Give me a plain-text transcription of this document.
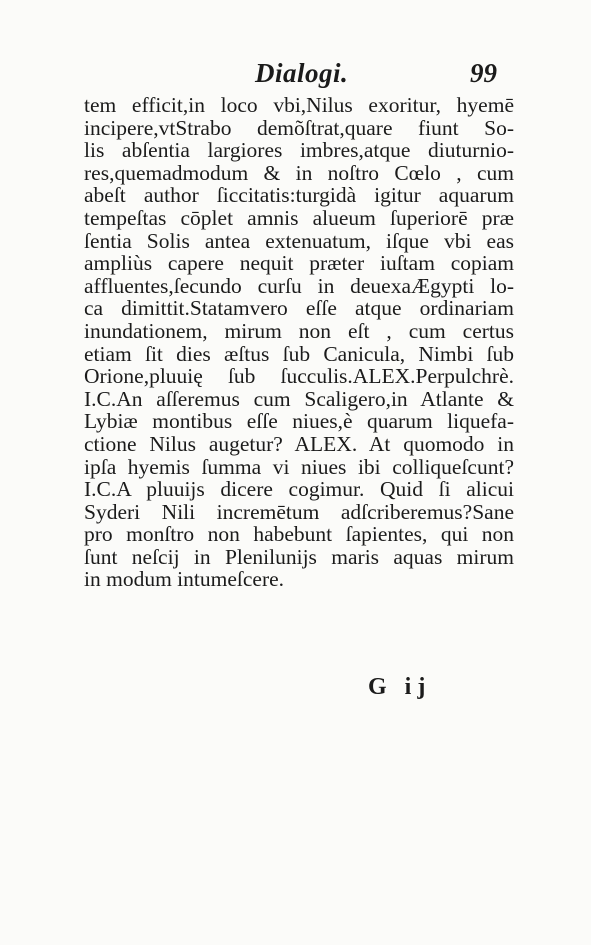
Dialogi.	99
tem efficit,in loco vbi,Nilus exoritur, hyemē
incipere,vtStrabo demõſtrat,quare fiunt So-
lis abſentia largiores imbres,atque diuturnio-
res,quemadmodum & in noſtro Cœlo , cum
abeſt author ſiccitatis:turgidà igitur aquarum
tempeſtas cōplet amnis alueum ſuperiorē præ
ſentia Solis antea extenuatum, iſque vbi eas
ampliùs capere nequit præter iuſtam copiam
affluentes,ſecundo curſu in deuexaÆgypti lo-
ca dimittit.Statamvero eſſe atque ordinariam
inundationem, mirum non eſt , cum certus
etiam ſit dies æſtus ſub Canicula, Nimbi ſub
Orione,pluuię ſub ſucculis.ALEX.Perpulchrè.
I.C.An aſſeremus cum Scaligero,in Atlante &
Lybiæ montibus eſſe niues,è quarum liquefa-
ctione Nilus augetur? ALEX. At quomodo in
ipſa hyemis ſumma vi niues ibi colliqueſcunt?
I.C.A pluuijs dicere cogimur. Quid ſi alicui
Syderi Nili incremētum adſcriberemus?Sane
pro monſtro non habebunt ſapientes, qui non
ſunt neſcij in Plenilunijs maris aquas mirum
in modum intumeſcere.
G ij
